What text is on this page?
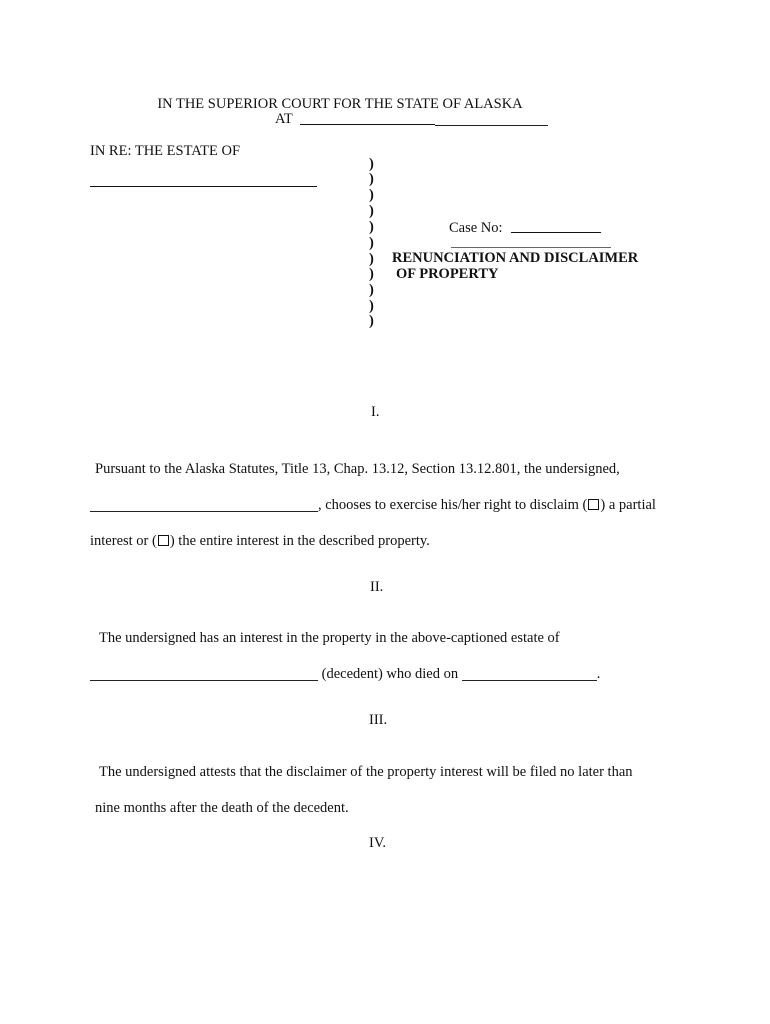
IN THE SUPERIOR COURT FOR THE STATE OF ALASKA
AT
IN RE: THE ESTATE OF
)
)
)
)
)
)
)
)
)
)
)
Case No:
RENUNCIATION AND DISCLAIMER
OF PROPERTY
I.
Pursuant to the Alaska Statutes, Title 13, Chap. 13.12, Section 13.12.801, the undersigned,
, chooses to exercise his/her right to disclaim ( ) a partial
interest or ( ) the entire interest in the described property.
II.
The undersigned has an interest in the property in the above-captioned estate of
(decedent) who died on	.
III.
The undersigned attests that the disclaimer of the property interest will be filed no later than
nine months after the death of the decedent.
IV.
